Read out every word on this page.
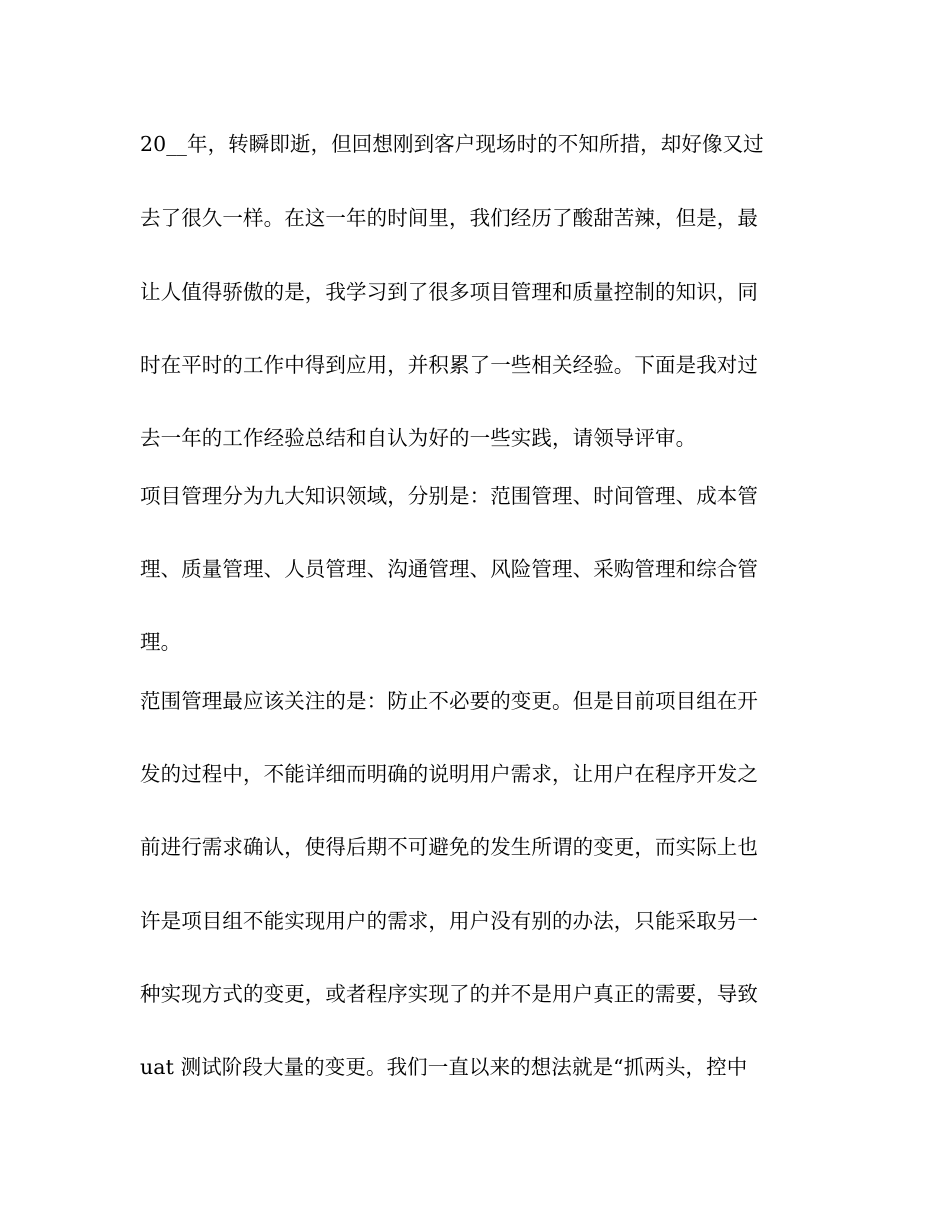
20__年，转瞬即逝，但回想刚到客户现场时的不知所措，却好像又过
去了很久一样。在这一年的时间里，我们经历了酸甜苦辣，但是，最
让人值得骄傲的是，我学习到了很多项目管理和质量控制的知识，同
时在平时的工作中得到应用，并积累了一些相关经验。下面是我对过
去一年的工作经验总结和自认为好的一些实践，请领导评审。
项目管理分为九大知识领域，分别是：范围管理、时间管理、成本管
理、质量管理、人员管理、沟通管理、风险管理、采购管理和综合管
理。
范围管理最应该关注的是：防止不必要的变更。但是目前项目组在开
发的过程中，不能详细而明确的说明用户需求，让用户在程序开发之
前进行需求确认，使得后期不可避免的发生所谓的变更，而实际上也
许是项目组不能实现用户的需求，用户没有别的办法，只能采取另一
种实现方式的变更，或者程序实现了的并不是用户真正的需要，导致
uat 测试阶段大量的变更。我们一直以来的想法就是“抓两头，控中
